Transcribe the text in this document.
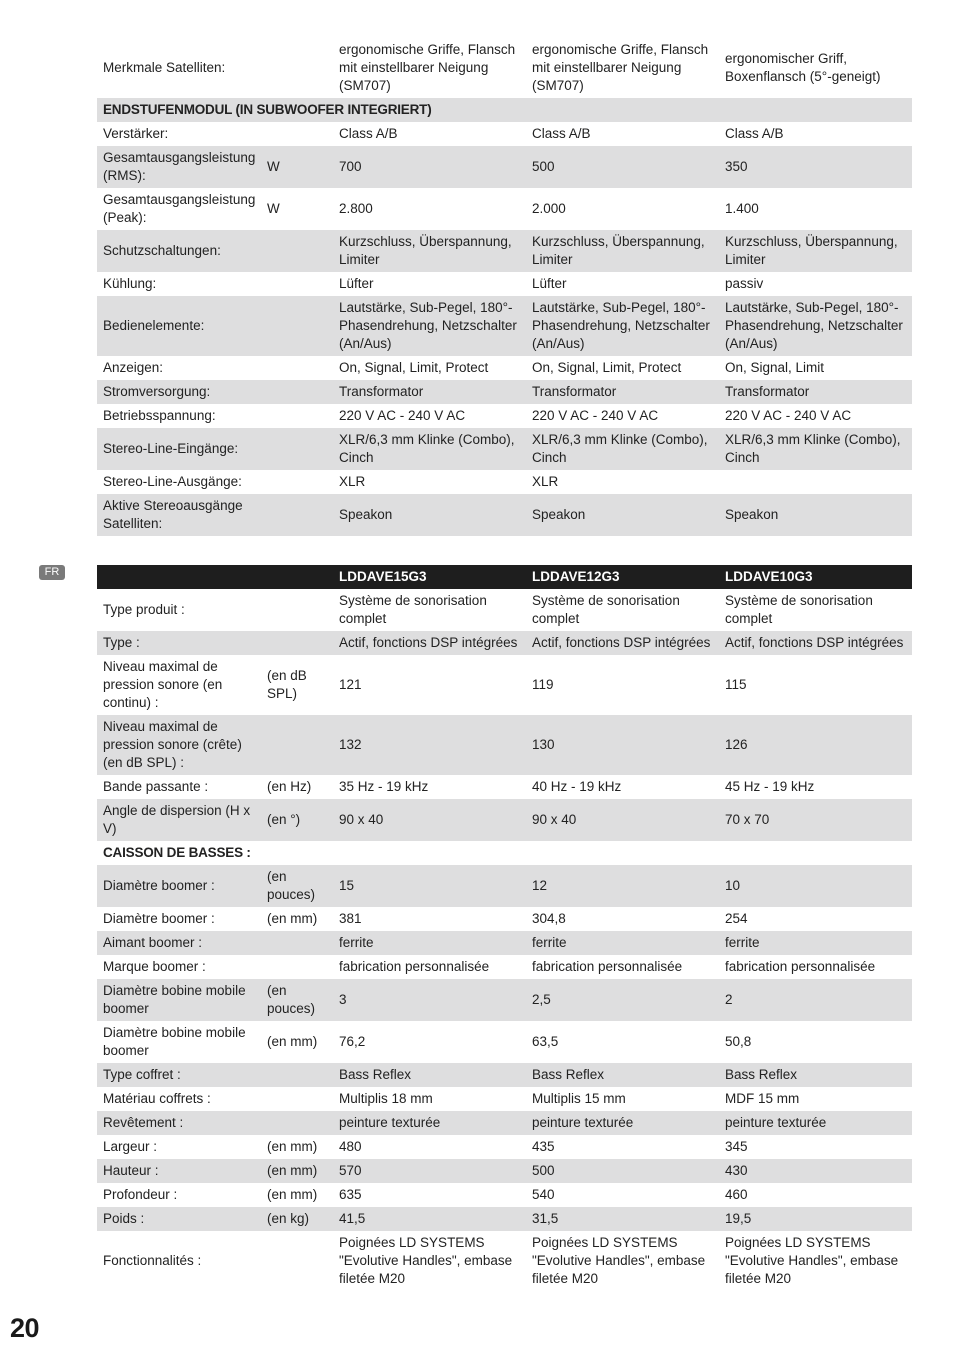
Merkmale Satelliten:		ergonomische Griffe, Flansch mit einstellbarer Neigung (SM707)	ergonomische Griffe, Flansch mit einstellbarer Neigung (SM707)	ergonomischer Griff, Boxenflansch (5°-geneigt)
ENDSTUFENMODUL (IN SUBWOOFER INTEGRIERT)				
Verstärker:		Class A/B	Class A/B	Class A/B
Gesamtausgangsleistung (RMS):	W	700	500	350
Gesamtausgangsleistung (Peak):	W	2.800	2.000	1.400
Schutzschaltungen:		Kurzschluss, Überspannung, Limiter	Kurzschluss, Überspannung, Limiter	Kurzschluss, Überspannung, Limiter
Kühlung:		Lüfter	Lüfter	passiv
Bedienelemente:		Lautstärke, Sub-Pegel, 180°-Phasendrehung, Netzschalter (An/Aus)	Lautstärke, Sub-Pegel, 180°-Phasendrehung, Netzschalter (An/Aus)	Lautstärke, Sub-Pegel, 180°-Phasendrehung, Netzschalter (An/Aus)
Anzeigen:		On, Signal, Limit, Protect	On, Signal, Limit, Protect	On, Signal, Limit
Stromversorgung:		Transformator	Transformator	Transformator
Betriebsspannung:		220 V AC - 240 V AC	220 V AC - 240 V AC	220 V AC - 240 V AC
Stereo-Line-Eingänge:		XLR/6,3 mm Klinke (Combo), Cinch	XLR/6,3 mm Klinke (Combo), Cinch	XLR/6,3 mm Klinke (Combo), Cinch
Stereo-Line-Ausgänge:		XLR	XLR	
Aktive Stereoausgänge Satelliten:		Speakon	Speakon	Speakon
FR
			LDDAVE15G3	LDDAVE12G3	LDDAVE10G3
Type produit :		Système de sonorisation complet	Système de sonorisation complet	Système de sonorisation complet
Type :		Actif, fonctions DSP intégrées	Actif, fonctions DSP intégrées	Actif, fonctions DSP intégrées
Niveau maximal de pression sonore (en continu) :	(en dB SPL)	121	119	115
Niveau maximal de pression sonore (crête) (en dB SPL) :		132	130	126
Bande passante :	(en Hz)	35 Hz - 19 kHz	40 Hz - 19 kHz	45 Hz - 19 kHz
Angle de dispersion (H x V)	(en °)	90 x 40	90 x 40	70 x 70
CAISSON DE BASSES :				
Diamètre boomer :	(en pouces)	15	12	10
Diamètre boomer :	(en mm)	381	304,8	254
Aimant boomer :		ferrite	ferrite	ferrite
Marque boomer :		fabrication personnalisée	fabrication personnalisée	fabrication personnalisée
Diamètre bobine mobile boomer	(en pouces)	3	2,5	2
Diamètre bobine mobile boomer	(en mm)	76,2	63,5	50,8
Type coffret :		Bass Reflex	Bass Reflex	Bass Reflex
Matériau coffrets :		Multiplis 18 mm	Multiplis 15 mm	MDF 15 mm
Revêtement :		peinture texturée	peinture texturée	peinture texturée
Largeur :	(en mm)	480	435	345
Hauteur :	(en mm)	570	500	430
Profondeur :	(en mm)	635	540	460
Poids :	(en kg)	41,5	31,5	19,5
Fonctionnalités :		Poignées LD SYSTEMS "Evolutive Handles", embase filetée M20	Poignées LD SYSTEMS "Evolutive Handles", embase filetée M20	Poignées LD SYSTEMS "Evolutive Handles", embase filetée M20
20
